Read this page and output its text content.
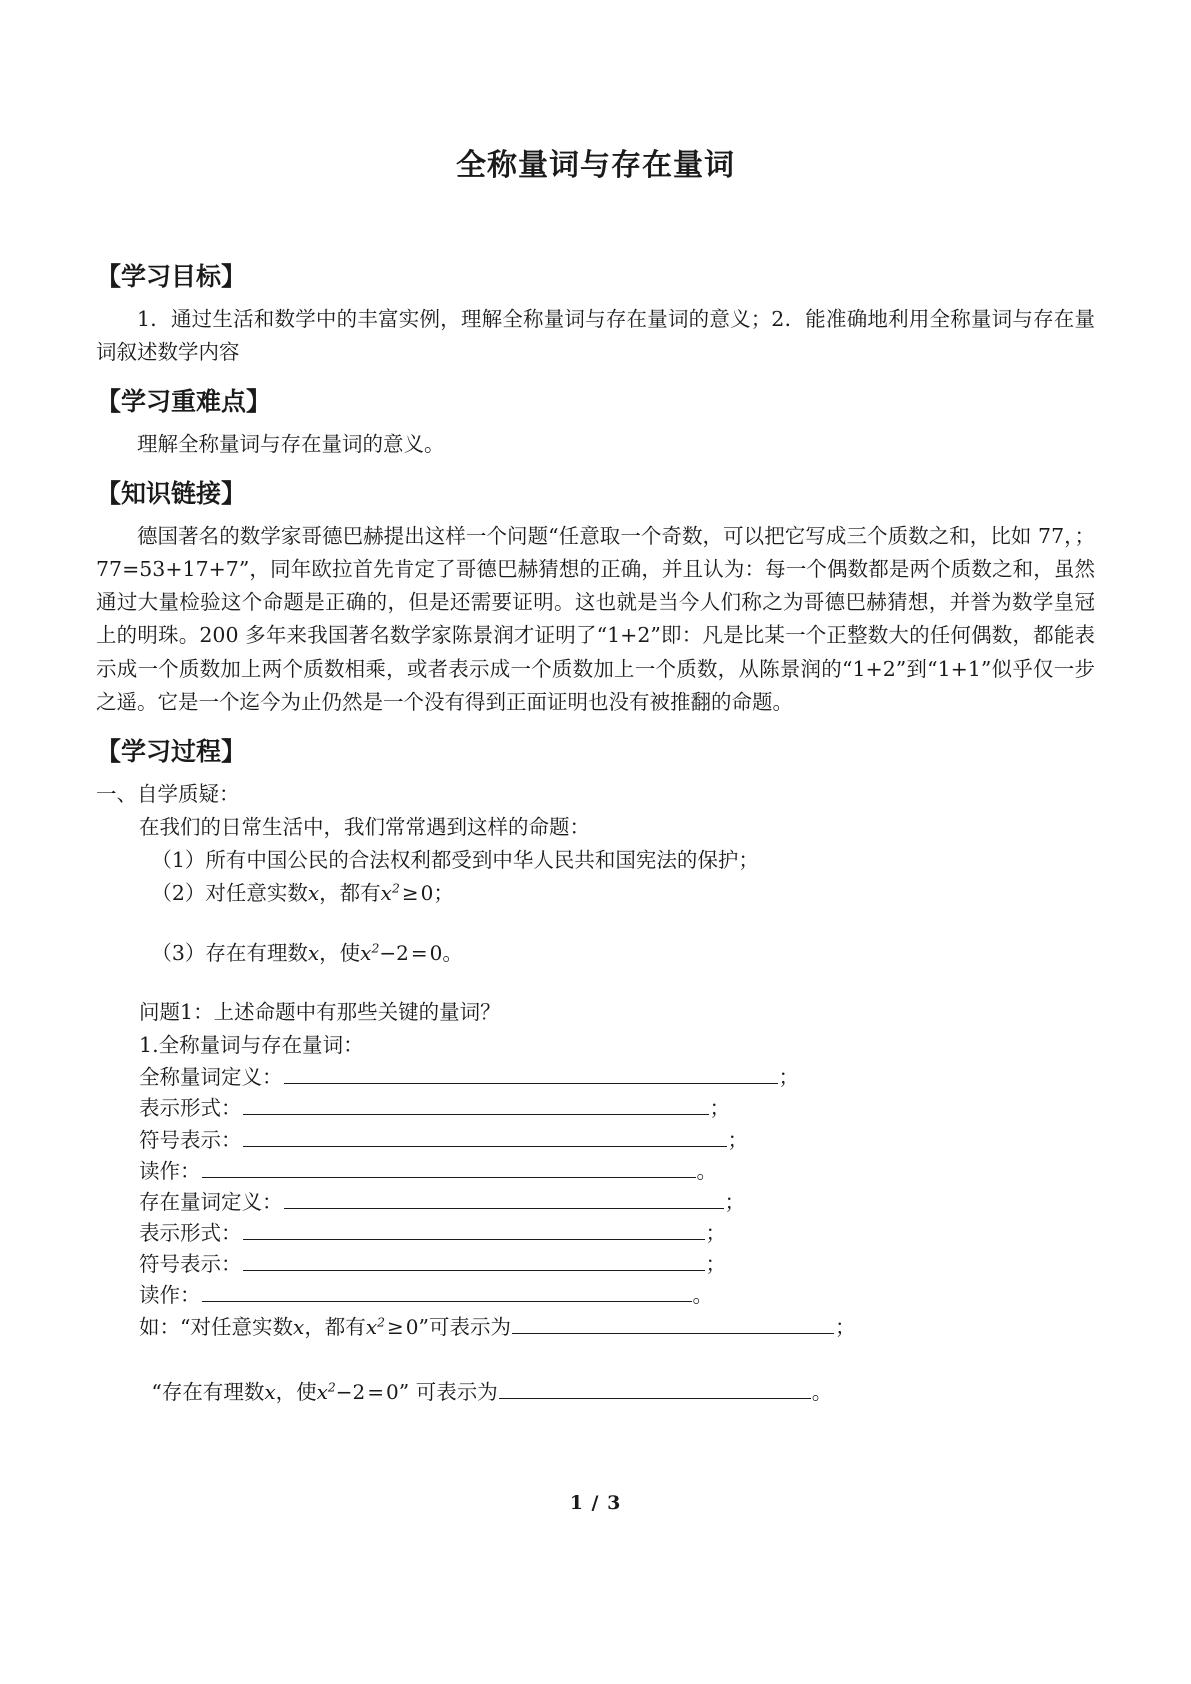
全称量词与存在量词
【学习目标】

1．通过生活和数学中的丰富实例，理解全称量词与存在量词的意义；2．能准确地利用全称量词与存在量词叙述数学内容

【学习重难点】

理解全称量词与存在量词的意义。

【知识链接】

德国著名的数学家哥德巴赫提出这样一个问题“任意取一个奇数，可以把它写成三个质数之和，比如 77，；77=53+17+7”，同年欧拉首先肯定了哥德巴赫猜想的正确，并且认为：每一个偶数都是两个质数之和，虽然通过大量检验这个命题是正确的，但是还需要证明。这也就是当今人们称之为哥德巴赫猜想，并誉为数学皇冠上的明珠。200 多年来我国著名数学家陈景润才证明了“1+2”即：凡是比某一个正整数大的任何偶数，都能表示成一个质数加上两个质数相乘，或者表示成一个质数加上一个质数，从陈景润的“1+2”到“1+1”似乎仅一步之遥。它是一个迄今为止仍然是一个没有得到正面证明也没有被推翻的命题。

【学习过程】

一、自学质疑：

在我们的日常生活中，我们常常遇到这样的命题：

（1）所有中国公民的合法权利都受到中华人民共和国宪法的保护；

（2）对任意实数x，都有$x^2 \ge 0$；

（3）存在有理数x，使$x^2-2 = 0$。

问题1：上述命题中有那些关键的量词？

1.全称量词与存在量词：

全称量词定义：	；
表示形式：	；
符号表示：	；
读作：	。
存在量词定义：	；
表示形式：	；
符号表示：	；
读作：	。
如：“对任意实数x，都有$x^2 \ge 0$”可表示为	；
“存在有理数x，使$x^2-2 = 0$” 可表示为	。
1 / 3
